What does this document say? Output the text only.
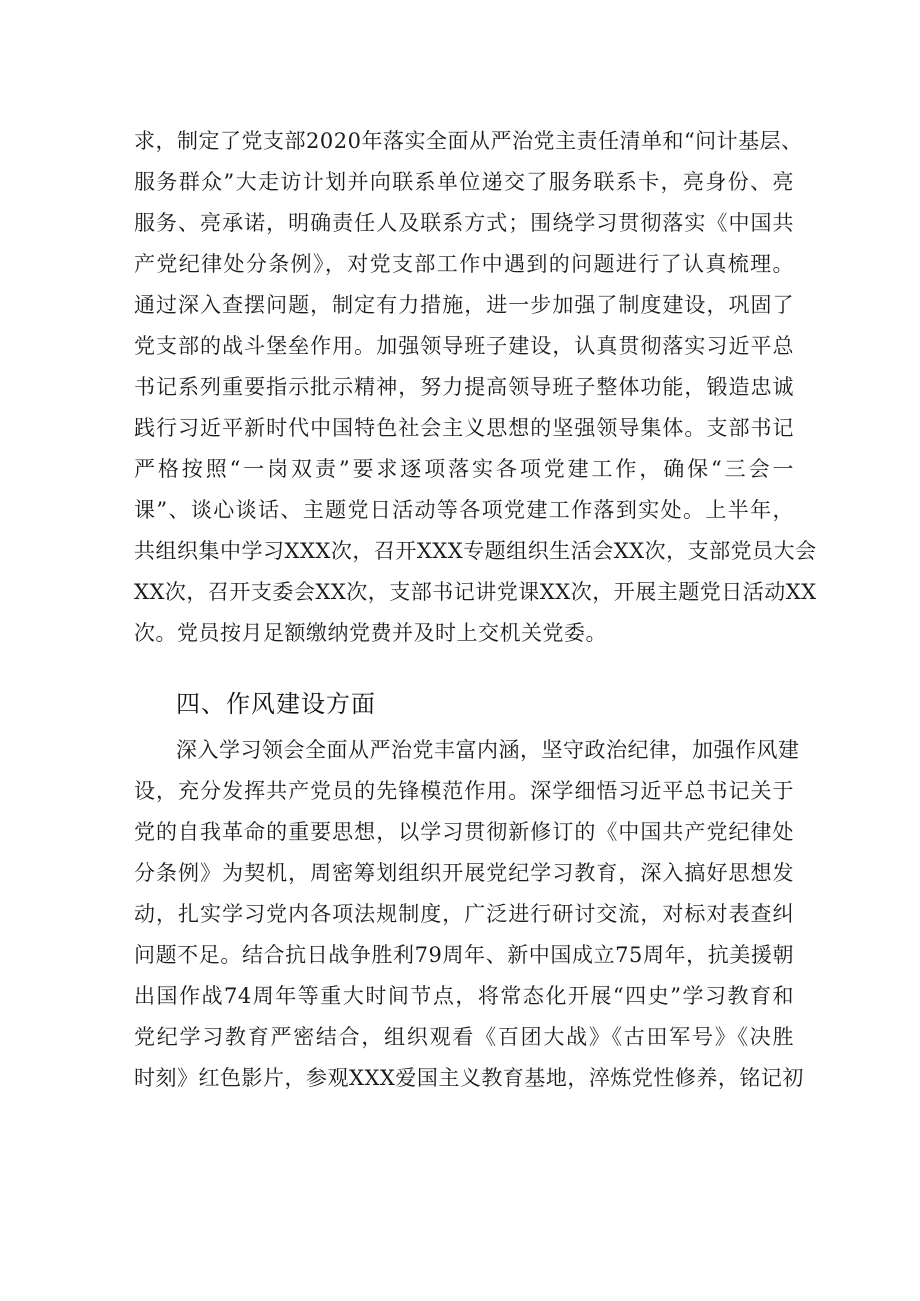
求，制定了党支部2020年落实全面从严治党主责任清单和“问计基层、
服务群众”大走访计划并向联系单位递交了服务联系卡，亮身份、亮
服务、亮承诺，明确责任人及联系方式；围绕学习贯彻落实《中国共
产党纪律处分条例》，对党支部工作中遇到的问题进行了认真梳理。
通过深入查摆问题，制定有力措施，进一步加强了制度建设，巩固了
党支部的战斗堡垒作用。加强领导班子建设，认真贯彻落实习近平总
书记系列重要指示批示精神，努力提高领导班子整体功能，锻造忠诚
践行习近平新时代中国特色社会主义思想的坚强领导集体。支部书记
严格按照“一岗双责”要求逐项落实各项党建工作，确保“三会一
课”、谈心谈话、主题党日活动等各项党建工作落到实处。上半年，
共组织集中学习XXX次，召开XXX专题组织生活会XX次，支部党员大会
XX次，召开支委会XX次，支部书记讲党课XX次，开展主题党日活动XX
次。党员按月足额缴纳党费并及时上交机关党委。
四、作风建设方面
深入学习领会全面从严治党丰富内涵，坚守政治纪律，加强作风建
设，充分发挥共产党员的先锋模范作用。深学细悟习近平总书记关于
党的自我革命的重要思想，以学习贯彻新修订的《中国共产党纪律处
分条例》为契机，周密筹划组织开展党纪学习教育，深入搞好思想发
动，扎实学习党内各项法规制度，广泛进行研讨交流，对标对表查纠
问题不足。结合抗日战争胜利79周年、新中国成立75周年，抗美援朝
出国作战74周年等重大时间节点，将常态化开展“四史”学习教育和
党纪学习教育严密结合，组织观看《百团大战》《古田军号》《决胜
时刻》红色影片，参观XXX爱国主义教育基地，淬炼党性修养，铭记初
